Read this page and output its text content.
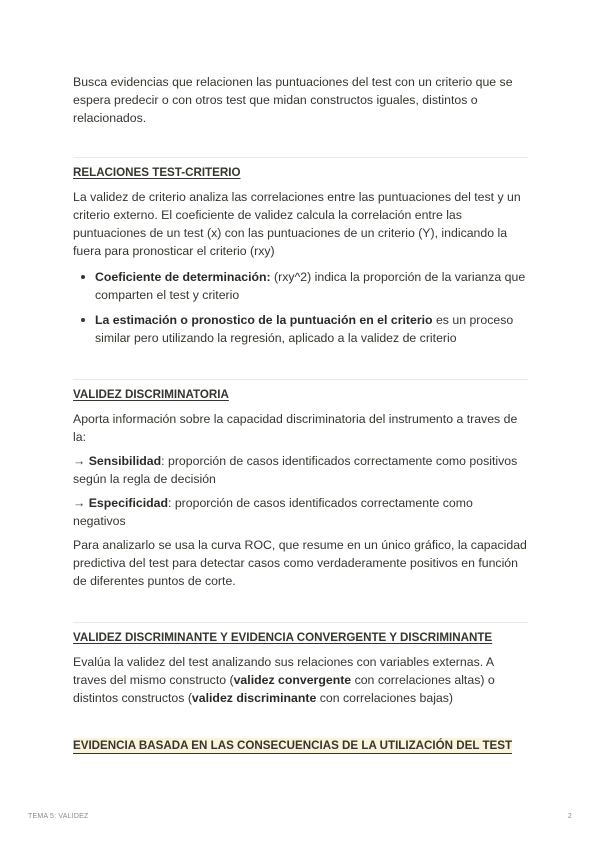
Busca evidencias que relacionen las puntuaciones del test con un criterio que se espera predecir o con otros test que midan constructos iguales, distintos o relacionados.

RELACIONES TEST-CRITERIO

La validez de criterio analiza las correlaciones entre las puntuaciones del test y un criterio externo. El coeficiente de validez calcula la correlación entre las puntuaciones de un test (x) con las puntuaciones de un criterio (Y), indicando la fuera para pronosticar el criterio (rxy)

Coeficiente de determinación: (rxy^2) indica la proporción de la varianza que comparten el test y criterio
La estimación o pronostico de la puntuación en el criterio es un proceso similar pero utilizando la regresión, aplicado a la validez de criterio
VALIDEZ DISCRIMINATORIA

Aporta información sobre la capacidad discriminatoria del instrumento a traves de la:

→ Sensibilidad: proporción de casos identificados correctamente como positivos según la regla de decisión

→ Especificidad: proporción de casos identificados correctamente como negativos

Para analizarlo se usa la curva ROC, que resume en un único gráfico, la capacidad predictiva del test para detectar casos como verdaderamente positivos en función de diferentes puntos de corte.

VALIDEZ DISCRIMINANTE Y EVIDENCIA CONVERGENTE Y DISCRIMINANTE

Evalúa la validez del test analizando sus relaciones con variables externas. A traves del mismo constructo (validez convergente con correlaciones altas) o distintos constructos (validez discriminante con correlaciones bajas)

EVIDENCIA BASADA EN LAS CONSECUENCIAS DE LA UTILIZACIÓN DEL TEST
TEMA 5: VALIDEZ	2
